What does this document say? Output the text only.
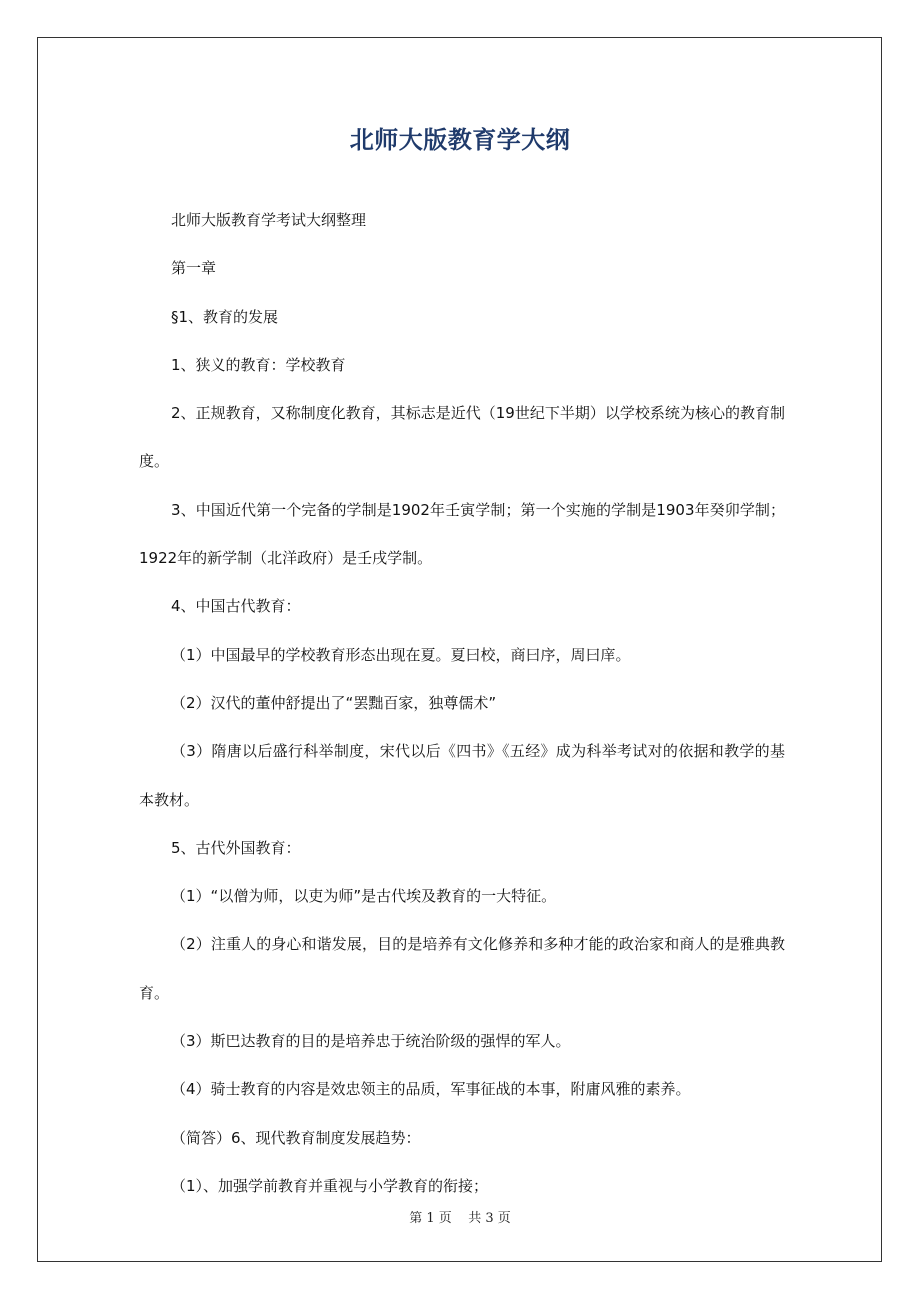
北师大版教育学大纲

北师大版教育学考试大纲整理

第一章

§1、教育的发展

1、狭义的教育：学校教育

2、正规教育，又称制度化教育，其标志是近代（19世纪下半期）以学校系统为核心的教育制度。

3、中国近代第一个完备的学制是1902年壬寅学制；第一个实施的学制是1903年癸卯学制；1922年的新学制（北洋政府）是壬戌学制。

4、中国古代教育：

（1）中国最早的学校教育形态出现在夏。夏曰校，商曰序，周曰庠。

（2）汉代的董仲舒提出了“罢黜百家，独尊儒术”

（3）隋唐以后盛行科举制度，宋代以后《四书》《五经》成为科举考试对的依据和教学的基本教材。

5、古代外国教育：

（1）“以僧为师，以吏为师”是古代埃及教育的一大特征。

（2）注重人的身心和谐发展，目的是培养有文化修养和多种才能的政治家和商人的是雅典教育。

（3）斯巴达教育的目的是培养忠于统治阶级的强悍的军人。

（4）骑士教育的内容是效忠领主的品质，军事征战的本事，附庸风雅的素养。

（简答）6、现代教育制度发展趋势：

（1）、加强学前教育并重视与小学教育的衔接；

第 1 页 共 3 页
